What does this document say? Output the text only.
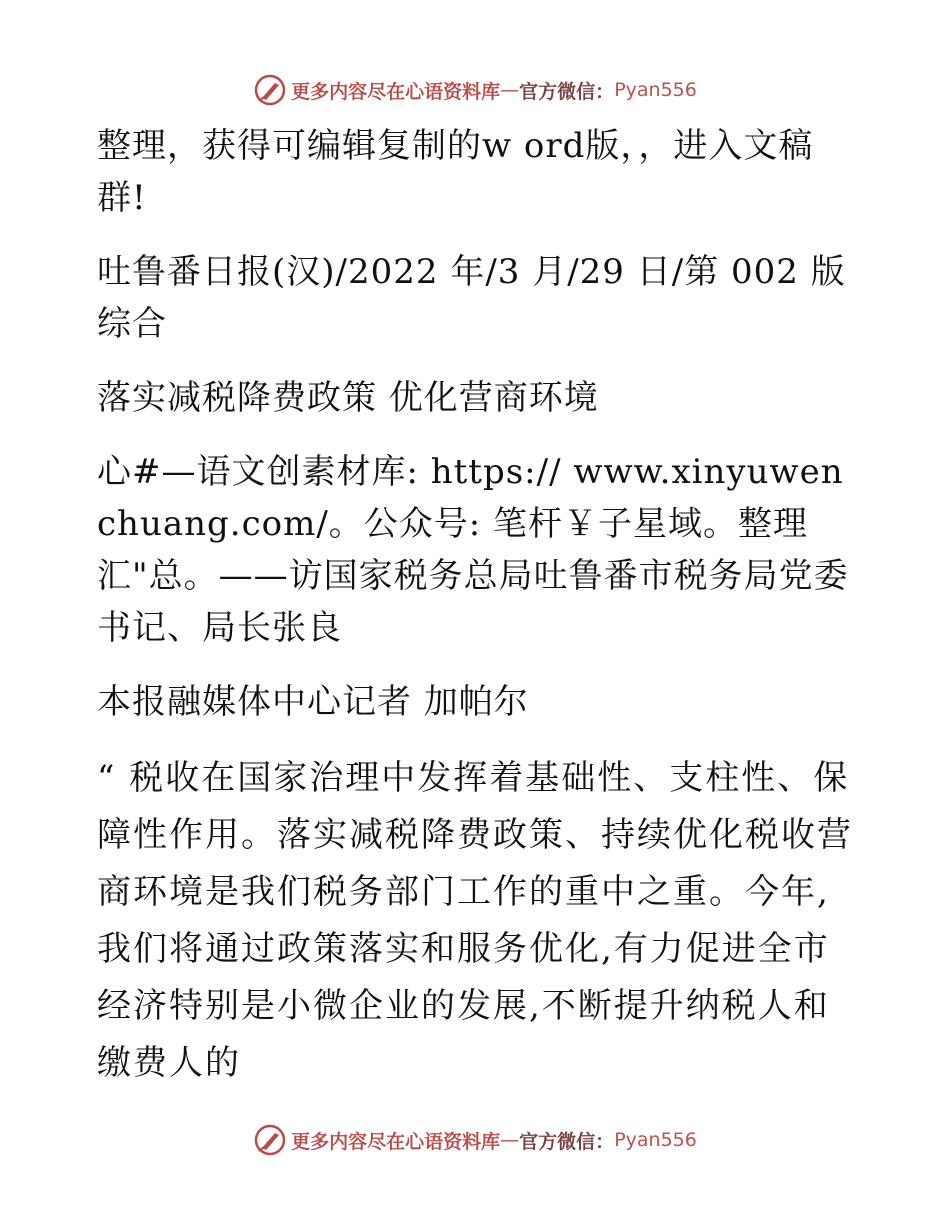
更多内容尽在心语资料库 — 官方微信： Pyan556

整理，获得可编辑复制的w ord版，，进入文稿群!

吐鲁番日报(汉)/2022 年/3 月/29 日/第 002 版综合

落实减税降费政策 优化营商环境

心#—语文创素材库: https:// www.xinyuwenchuang.com/。公众号: 笔杆￥子星域。整理汇"总。——访国家税务总局吐鲁番市税务局党委书记、局长张良

本报融媒体中心记者 加帕尔

“ 税收在国家治理中发挥着基础性、支柱性、保障性作用。落实减税降费政策、持续优化税收营商环境是我们税务部门工作的重中之重。今年,我们将通过政策落实和服务优化,有力促进全市经济特别是小微企业的发展,不断提升纳税人和缴费人的

更多内容尽在心语资料库 — 官方微信： Pyan556
